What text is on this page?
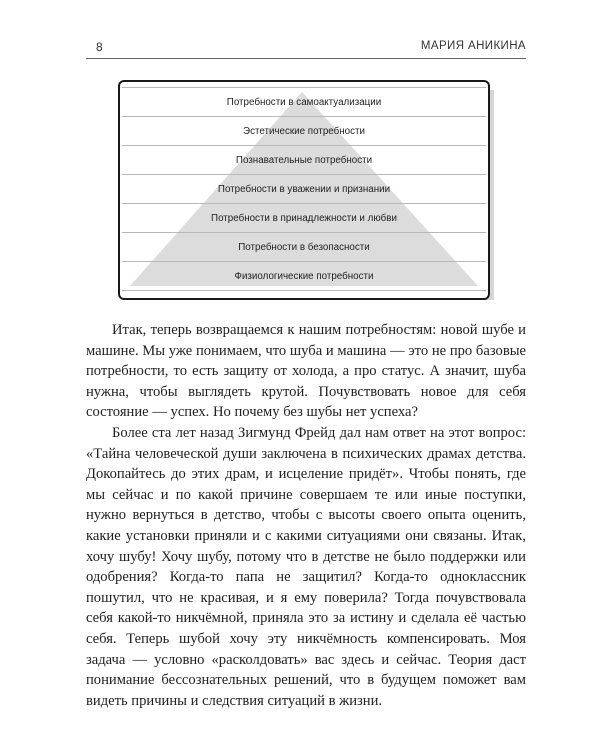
8	МАРИЯ АНИКИНА
Потребности в самоактуализации
Эстетические потребности
Познавательные потребности
Потребности в уважении и признании
Потребности в принадлежности и любви
Потребности в безопасности
Физиологические потребности

Итак, теперь возвращаемся к нашим потребностям: новой шубе и машине. Мы уже понимаем, что шуба и машина — это не про базовые потребности, то есть защиту от холода, а про статус. А значит, шуба нужна, чтобы выглядеть крутой. Почувствовать новое для себя состояние — успех. Но почему без шубы нет успеха?

Более ста лет назад Зигмунд Фрейд дал нам ответ на этот вопрос: «Тайна человеческой души заключена в психических драмах детства. Докопайтесь до этих драм, и исцеление придёт». Чтобы понять, где мы сейчас и по какой причине совершаем те или иные поступки, нужно вернуться в детство, чтобы с высоты своего опыта оценить, какие установки приняли и с какими ситуациями они связаны. Итак, хочу шубу! Хочу шубу, потому что в детстве не было поддержки или одобрения? Когда-то папа не защитил? Когда-то одноклассник пошутил, что не красивая, и я ему поверила? Тогда почувствовала себя какой-то никчёмной, приняла это за истину и сделала её частью себя. Теперь шубой хочу эту никчёмность компенсировать. Моя задача — условно «расколдовать» вас здесь и сейчас. Теория даст понимание бессознательных решений, что в будущем поможет вам видеть причины и следствия ситуаций в жизни.
